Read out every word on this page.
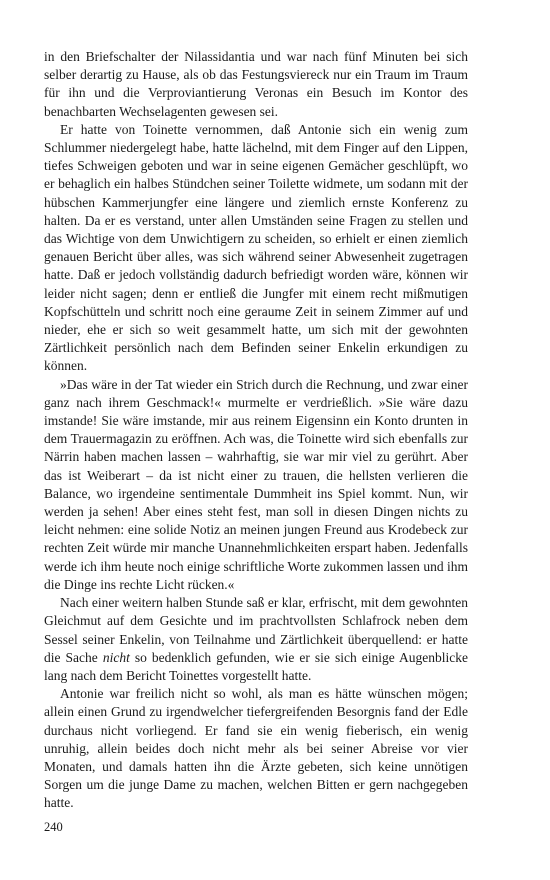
in den Briefschalter der Nilassidantia und war nach fünf Minuten bei sich selber derartig zu Hause, als ob das Festungsviereck nur ein Traum im Traum für ihn und die Verproviantierung Veronas ein Besuch im Kontor des benachbarten Wechselagenten gewesen sei.

Er hatte von Toinette vernommen, daß Antonie sich ein wenig zum Schlummer niedergelegt habe, hatte lächelnd, mit dem Finger auf den Lippen, tiefes Schweigen geboten und war in seine eigenen Gemächer geschlüpft, wo er behaglich ein halbes Stündchen seiner Toilette widmete, um sodann mit der hübschen Kammerjungfer eine längere und ziemlich ernste Konferenz zu halten. Da er es verstand, unter allen Umständen seine Fragen zu stellen und das Wichtige von dem Unwichtigern zu scheiden, so erhielt er einen ziemlich genauen Bericht über alles, was sich während seiner Abwesenheit zugetragen hatte. Daß er jedoch vollständig dadurch befriedigt worden wäre, können wir leider nicht sagen; denn er entließ die Jungfer mit einem recht mißmutigen Kopfschütteln und schritt noch eine geraume Zeit in seinem Zimmer auf und nieder, ehe er sich so weit gesammelt hatte, um sich mit der gewohnten Zärtlichkeit persönlich nach dem Befinden seiner Enkelin erkundigen zu können.

»Das wäre in der Tat wieder ein Strich durch die Rechnung, und zwar einer ganz nach ihrem Geschmack!« murmelte er verdrießlich. »Sie wäre dazu imstande! Sie wäre imstande, mir aus reinem Eigensinn ein Konto drunten in dem Trauermagazin zu eröffnen. Ach was, die Toinette wird sich ebenfalls zur Närrin haben machen lassen – wahrhaftig, sie war mir viel zu gerührt. Aber das ist Weiberart – da ist nicht einer zu trauen, die hellsten verlieren die Balance, wo irgendeine sentimentale Dummheit ins Spiel kommt. Nun, wir werden ja sehen! Aber eines steht fest, man soll in diesen Dingen nichts zu leicht nehmen: eine solide Notiz an meinen jungen Freund aus Krodebeck zur rechten Zeit würde mir manche Unannehmlichkeiten erspart haben. Jedenfalls werde ich ihm heute noch einige schriftliche Worte zukommen lassen und ihm die Dinge ins rechte Licht rücken.«

Nach einer weitern halben Stunde saß er klar, erfrischt, mit dem gewohnten Gleichmut auf dem Gesichte und im prachtvollsten Schlafrock neben dem Sessel seiner Enkelin, von Teilnahme und Zärtlichkeit überquellend: er hatte die Sache nicht so bedenklich gefunden, wie er sie sich einige Augenblicke lang nach dem Bericht Toinettes vorgestellt hatte.

Antonie war freilich nicht so wohl, als man es hätte wünschen mögen; allein einen Grund zu irgendwelcher tiefergreifenden Besorgnis fand der Edle durchaus nicht vorliegend. Er fand sie ein wenig fieberisch, ein wenig unruhig, allein beides doch nicht mehr als bei seiner Abreise vor vier Monaten, und damals hatten ihn die Ärzte gebeten, sich keine unnötigen Sorgen um die junge Dame zu machen, welchen Bitten er gern nachgegeben hatte.

240
